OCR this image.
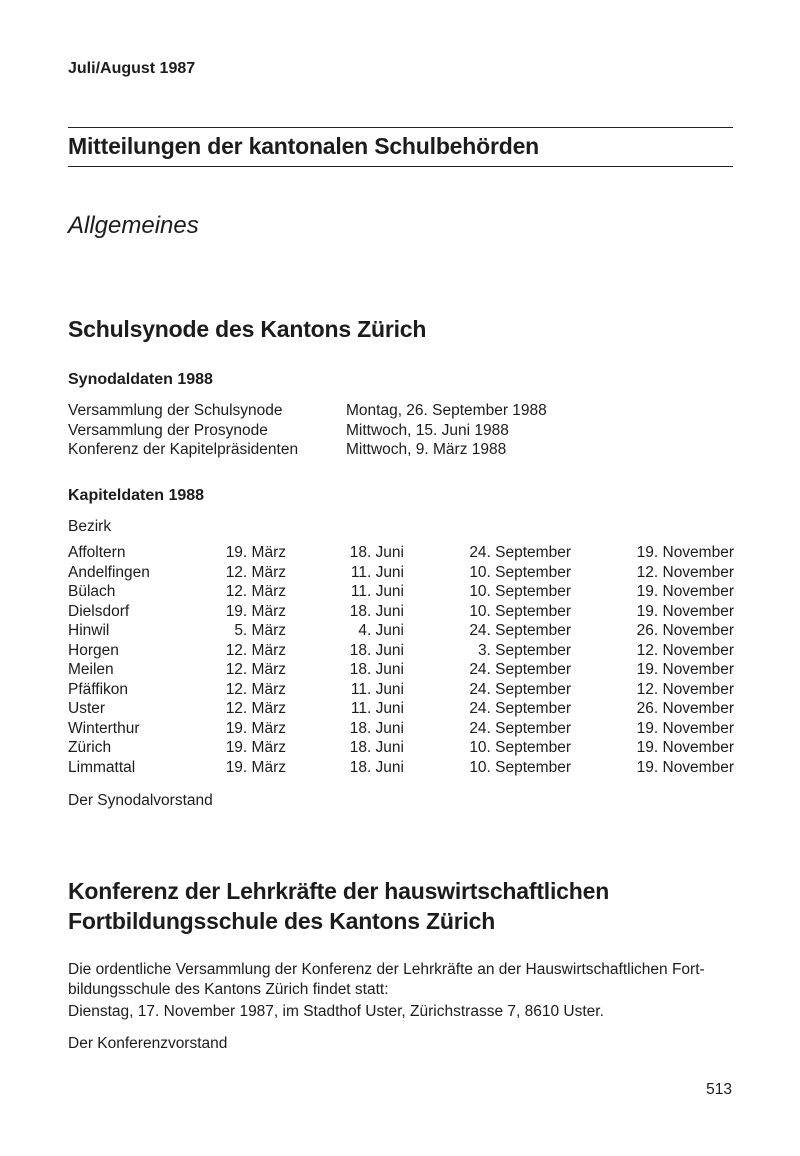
Juli/August 1987
Mitteilungen der kantonalen Schulbehörden
Allgemeines
Schulsynode des Kantons Zürich
Synodaldaten 1988
Versammlung der Schulsynode	Montag, 26. September 1988
Versammlung der Prosynode	Mittwoch, 15. Juni 1988
Konferenz der Kapitelpräsidenten	Mittwoch, 9. März 1988
Kapiteldaten 1988
Bezirk
Affoltern	19. März	18. Juni	24. September	19. November
Andelfingen	12. März	11. Juni	10. September	12. November
Bülach	12. März	11. Juni	10. September	19. November
Dielsdorf	19. März	18. Juni	10. September	19. November
Hinwil	5. März	4. Juni	24. September	26. November
Horgen	12. März	18. Juni	3. September	12. November
Meilen	12. März	18. Juni	24. September	19. November
Pfäffikon	12. März	11. Juni	24. September	12. November
Uster	12. März	11. Juni	24. September	26. November
Winterthur	19. März	18. Juni	24. September	19. November
Zürich	19. März	18. Juni	10. September	19. November
Limmattal	19. März	18. Juni	10. September	19. November
Der Synodalvorstand
Konferenz der Lehrkräfte der hauswirtschaftlichen
Fortbildungsschule des Kantons Zürich
Die ordentliche Versammlung der Konferenz der Lehrkräfte an der Hauswirtschaftlichen Fortbildungsschule des Kantons Zürich findet statt:
Dienstag, 17. November 1987, im Stadthof Uster, Zürichstrasse 7, 8610 Uster.
Der Konferenzvorstand
513
